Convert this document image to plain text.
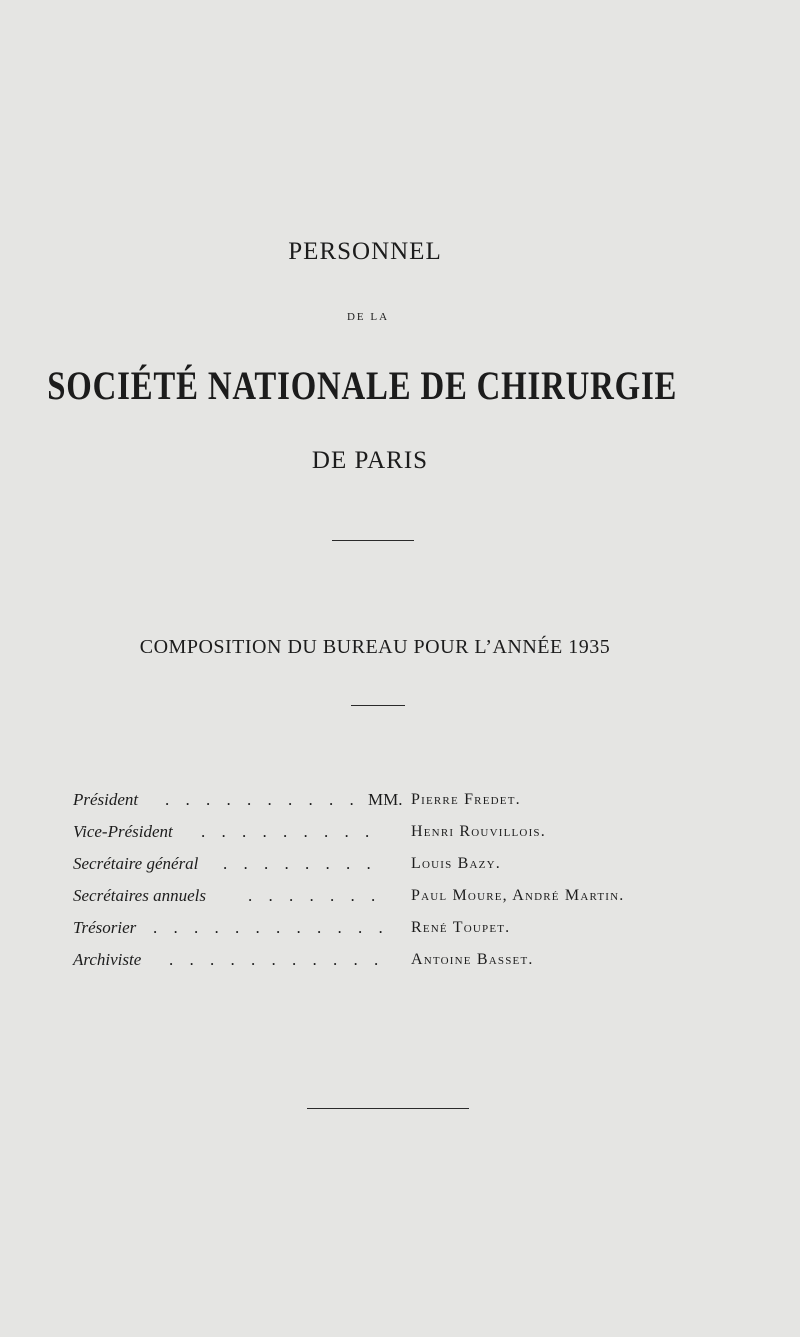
PERSONNEL
DE LA
SOCIÉTÉ NATIONALE DE CHIRURGIE
DE PARIS
COMPOSITION DU BUREAU POUR L’ANNÉE 1935
Président . . . . . . . . . . MM. Pierre Fredet.
Vice-Président . . . . . . . . . Henri Rouvillois.
Secrétaire général . . . . . . . . Louis Bazy.
Secrétaires annuels . . . . . . . Paul Moure, André Martin.
Trésorier . . . . . . . . . . . . René Toupet.
Archiviste . . . . . . . . . . . Antoine Basset.
